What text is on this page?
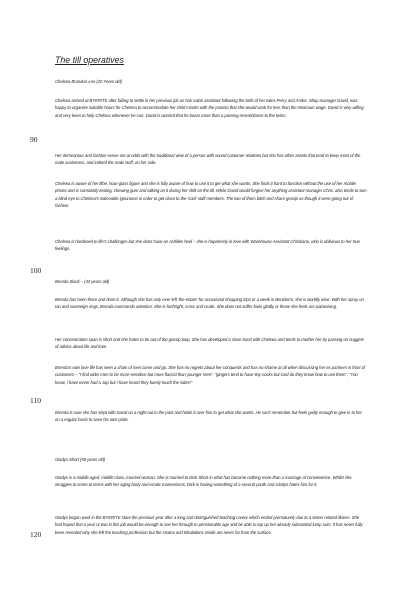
The till operatives

Chelsea Brandon-Lee (20 Years old)

Chelsea arrived at BYERITE after failing to settle in her previous job as hair salon assistant following the birth of her twins Perry and Andre. Shop manager David, was happy to organise suitable hours for Chelsea to accommodate her child minder with the proviso that she would work for less than the minimum wage. David is very willing and very keen to help Chelsea whenever he can. David is worried that he bears more than a passing resemblance to the twins.

Her demeanour and fashion sense are at odds with the traditional view of a person with sound customer relations but she has other assets that tend to keep most of the male customers, and indeed the male staff, on her side.

Chelsea is aware of her lithe, hour-glass figure and she is fully aware of how to use it to get what she wants. She finds it hard to function without the use of her mobile phone and is constantly texting, chewing gum and talking on it during her shift on the till. While David would forgive her anything assistant manager Chris, also tends to turn a blind eye to Chelsea's noticeable ignorance in order to get close to the 'cool' staff members. The two of them bitch and share gossip as though it were going out of fashion.

Chelsea is hardened to life's challenges but she does have an Achilles heel – she is hopelessly in love with Warehouse Assistant Christiano, who is oblivious to her true feelings.

Brenda Slack – (43 years old)

Brenda has been there and done it. Although she has only ever left 'the estate' for occasional shopping trips or a week in Benidorm, she is worldly wise. With her spray on tan and sovereign rings, Brenda commands attention. She is forthright, crass and crude. She does not suffer fools gladly or those she feels are patronising.

Her concentration span is short and she hates to be out of the gossip loop. She has developed a close bond with Chelsea and tends to mother her by passing on nuggets of advice about life and love.

Brenda's own love life has seen a chain of men come and go. She has no regrets about her conquests and has no shame at all when discussing her ex partners in front of customers – "I find older men to be more sensitive but more flaccid than younger men", "gingers tend to have tiny cocks but God do they know how to use them", "You know, I have never had a Jap but I have heard they barely touch the sides!"

Brenda is sure she has slept with David on a night out in the past and holds it over him to get what she wants. He can't remember but feels guilty enough to give in to her on a regular basis to save his own pride.

Gladys Short (59 years old)

Gladys is a middle aged, middle class, married woman. She is married to Dick Short in what has become nothing more than a marriage of convenience. Whilst she struggles to come to terms with her aging body and erratic mannerisms, Dick is having something of a second youth and Gladys hates him for it.

Gladys began work in the BYERITE store the previous year after a long and distinguished teaching career which ended prematurely due to a stress related illness. She had hoped that a year or two in this job would be enough to see her through to pensionable age and be able to top up her already substantial lump sum. It has never fully been revealed why she left the teaching profession but the strains and tribulations inside are never far from the surface.

90
100
110
120
